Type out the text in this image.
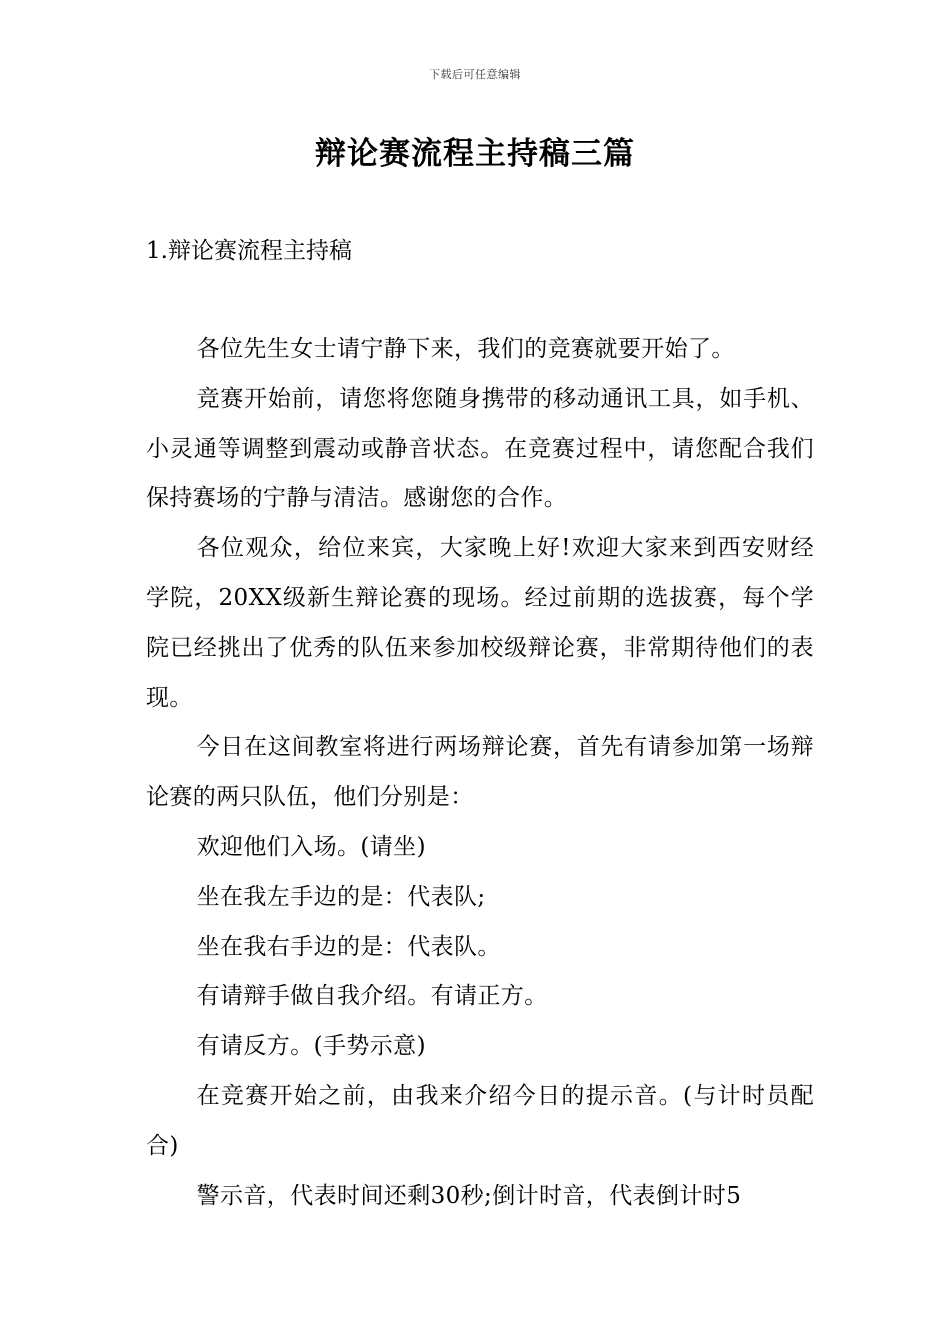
下载后可任意编辑
辩论赛流程主持稿三篇
1.辩论赛流程主持稿

各位先生女士请宁静下来，我们的竞赛就要开始了。

竞赛开始前，请您将您随身携带的移动通讯工具，如手机、小灵通等调整到震动或静音状态。在竞赛过程中，请您配合我们保持赛场的宁静与清洁。感谢您的合作。

各位观众，给位来宾，大家晚上好!欢迎大家来到西安财经学院，20XX级新生辩论赛的现场。经过前期的选拔赛，每个学院已经挑出了优秀的队伍来参加校级辩论赛，非常期待他们的表现。

今日在这间教室将进行两场辩论赛，首先有请参加第一场辩论赛的两只队伍，他们分别是：

欢迎他们入场。(请坐)

坐在我左手边的是：代表队;

坐在我右手边的是：代表队。

有请辩手做自我介绍。有请正方。

有请反方。(手势示意)

在竞赛开始之前，由我来介绍今日的提示音。(与计时员配合)

警示音，代表时间还剩30秒;倒计时音，代表倒计时5
